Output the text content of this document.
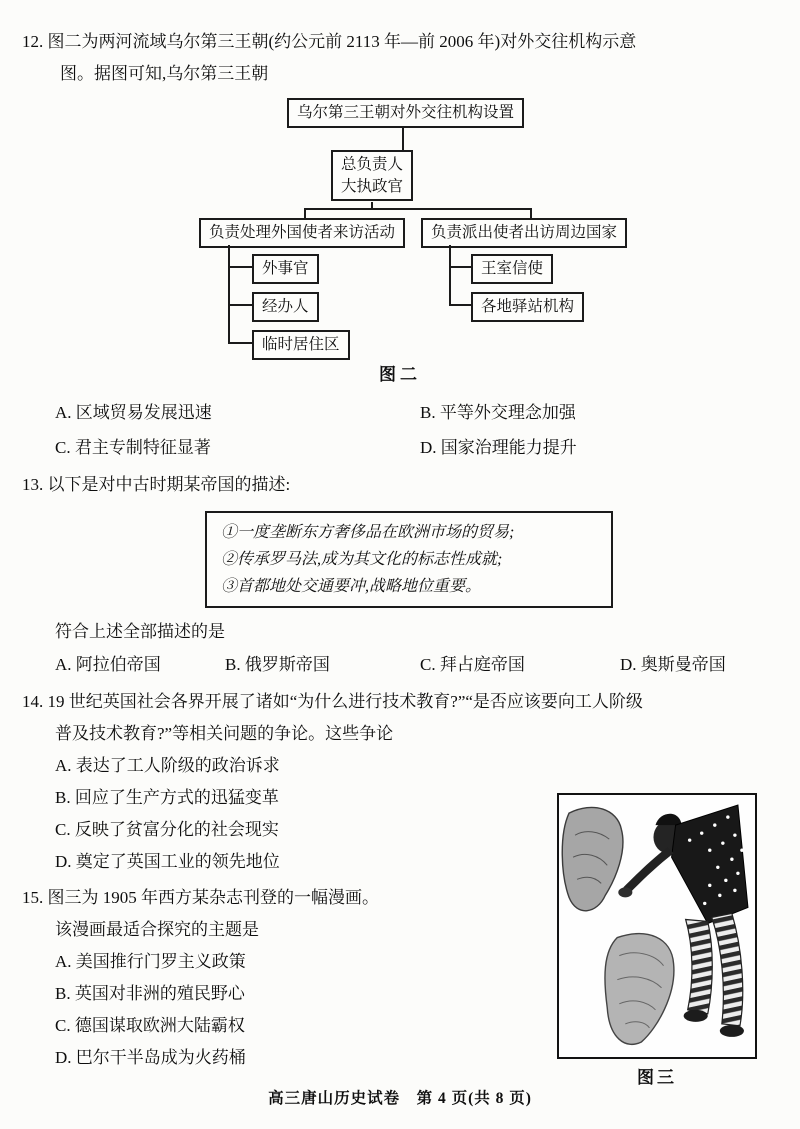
12. 图二为两河流域乌尔第三王朝(约公元前 2113 年—前 2006 年)对外交往机构示意
图。据图可知,乌尔第三王朝
乌尔第三王朝对外交往机构设置
总负责人
大执政官
负责处理外国使者来访活动	负责派出使者出访周边国家
外事官
经办人
临时居住区
王室信使
各地驿站机构
图二
A. 区域贸易发展迅速	B. 平等外交理念加强
C. 君主专制特征显著	D. 国家治理能力提升
13. 以下是对中古时期某帝国的描述:
①一度垄断东方奢侈品在欧洲市场的贸易;
②传承罗马法,成为其文化的标志性成就;
③首都地处交通要冲,战略地位重要。
符合上述全部描述的是
A. 阿拉伯帝国	B. 俄罗斯帝国	C. 拜占庭帝国	D. 奥斯曼帝国
14. 19 世纪英国社会各界开展了诸如“为什么进行技术教育?”“是否应该要向工人阶级
普及技术教育?”等相关问题的争论。这些争论
A. 表达了工人阶级的政治诉求
B. 回应了生产方式的迅猛变革
C. 反映了贫富分化的社会现实
D. 奠定了英国工业的领先地位
15. 图三为 1905 年西方某杂志刊登的一幅漫画。
该漫画最适合探究的主题是
A. 美国推行门罗主义政策
B. 英国对非洲的殖民野心
C. 德国谋取欧洲大陆霸权
D. 巴尔干半岛成为火药桶
图三
高三唐山历史试卷　第 4 页(共 8 页)
